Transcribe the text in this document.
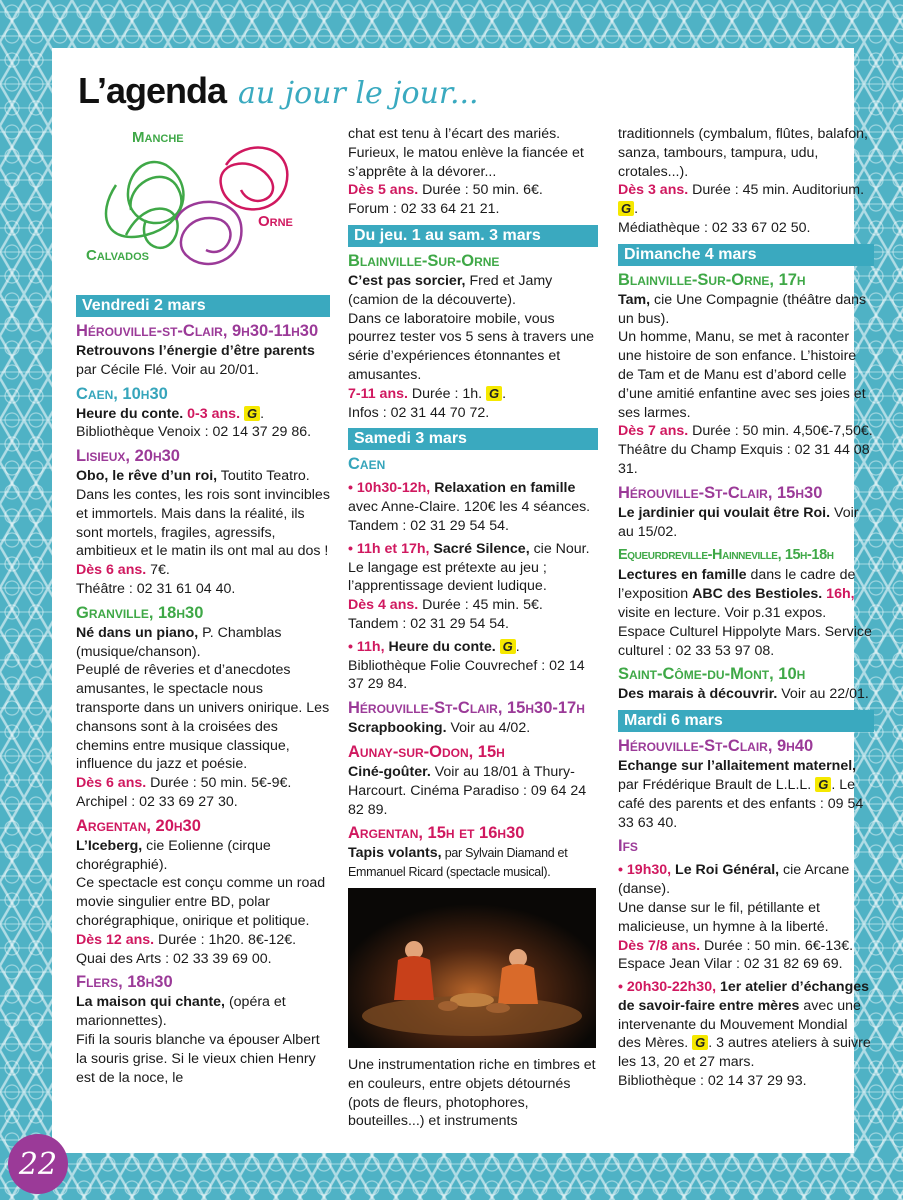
L’agenda au jour le jour...
Manche
Orne
Calvados
Vendredi 2 mars
Hérouville-st-Clair, 9h30-11h30
Retrouvons l’énergie d’être parents par Cécile Flé. Voir au 20/01.
Caen, 10h30
Heure du conte. 0-3 ans. G .
Bibliothèque Venoix : 02 14 37 29 86.
Lisieux, 20h30
Obo, le rêve d’un roi, Toutito Teatro. Dans les contes, les rois sont invincibles et immortels. Mais dans la réalité, ils sont mortels, fragiles, agressifs, ambitieux et le matin ils ont mal au dos !
Dès 6 ans. 7€.
Théâtre : 02 31 61 04 40.
Granville, 18h30
Né dans un piano, P. Chamblas (musique/chanson).
Peuplé de rêveries et d’anecdotes amusantes, le spectacle nous transporte dans un univers onirique. Les chansons sont à la croisées des chemins entre musique classique, influence du jazz et poésie.
Dès 6 ans. Durée : 50 min. 5€-9€.
Archipel : 02 33 69 27 30.
Argentan, 20h30
L’Iceberg, cie Eolienne (cirque chorégraphié).
Ce spectacle est conçu comme un road movie singulier entre BD, polar chorégraphique, onirique et politique.
Dès 12 ans. Durée : 1h20. 8€-12€.
Quai des Arts : 02 33 39 69 00.
Flers, 18h30
La maison qui chante, (opéra et marionnettes).
Fifi la souris blanche va épouser Albert la souris grise. Si le vieux chien Henry est de la noce, le
chat est tenu à l’écart des mariés. Furieux, le matou enlève la fiancée et s’apprête à la dévorer...
Dès 5 ans. Durée : 50 min. 6€.
Forum : 02 33 64 21 21.
Du jeu. 1 au sam. 3 mars
Blainville-Sur-Orne
C’est pas sorcier, Fred et Jamy (camion de la découverte).
Dans ce laboratoire mobile, vous pourrez tester vos 5 sens à travers une série d’expériences étonnantes et amusantes.
7-11 ans. Durée : 1h. G .
Infos : 02 31 44 70 72.
Samedi 3 mars
Caen
• 10h30-12h, Relaxation en famille avec Anne-Claire. 120€ les 4 séances. Tandem : 02 31 29 54 54.
• 11h et 17h, Sacré Silence, cie Nour. Le langage est prétexte au jeu ; l’apprentissage devient ludique.
Dès 4 ans. Durée : 45 min. 5€.
Tandem : 02 31 29 54 54.
• 11h, Heure du conte. G . Bibliothèque Folie Couvrechef : 02 14 37 29 84.
Hérouville-St-Clair, 15h30-17h
Scrapbooking. Voir au 4/02.
Aunay-sur-Odon, 15h
Ciné-goûter. Voir au 18/01 à Thury-Harcourt. Cinéma Paradiso : 09 64 24 82 89.
Argentan, 15h et 16h30
Tapis volants, par Sylvain Diamand et Emmanuel Ricard (spectacle musical).
Une instrumentation riche en timbres et en couleurs, entre objets détournés (pots de fleurs, photophores, bouteilles...) et instruments
traditionnels (cymbalum, flûtes, balafon, sanza, tambours, tampura, udu, crotales...).
Dès 3 ans. Durée : 45 min. Auditorium. G .
Médiathèque : 02 33 67 02 50.
Dimanche 4 mars
Blainville-Sur-Orne, 17h
Tam, cie Une Compagnie (théâtre dans un bus).
Un homme, Manu, se met à raconter une histoire de son enfance. L’histoire de Tam et de Manu est d’abord celle d’une amitié enfantine avec ses joies et ses larmes.
Dès 7 ans. Durée : 50 min. 4,50€-7,50€. Théâtre du Champ Exquis : 02 31 44 08 31.
Hérouville-St-Clair, 15h30
Le jardinier qui voulait être Roi. Voir au 15/02.
Equeurdreville-Hainneville, 15h-18h
Lectures en famille dans le cadre de l’exposition ABC des Bestioles. 16h, visite en lecture. Voir p.31 expos. Espace Culturel Hippolyte Mars. Service culturel : 02 33 53 97 08.
Saint-Côme-du-Mont, 10h
Des marais à découvrir. Voir au 22/01.
Mardi 6 mars
Hérouville-St-Clair, 9h40
Echange sur l’allaitement maternel, par Frédérique Brault de L.L.L. G . Le café des parents et des enfants : 09 54 33 63 40.
Ifs
• 19h30, Le Roi Général, cie Arcane (danse).
Une danse sur le fil, pétillante et malicieuse, un hymne à la liberté.
Dès 7/8 ans. Durée : 50 min. 6€-13€.
Espace Jean Vilar : 02 31 82 69 69.
• 20h30-22h30, 1er atelier d’échanges de savoir-faire entre mères avec une intervenante du Mouvement Mondial des Mères. G . 3 autres ateliers à suivre les 13, 20 et 27 mars.
Bibliothèque : 02 14 37 29 93.
22
